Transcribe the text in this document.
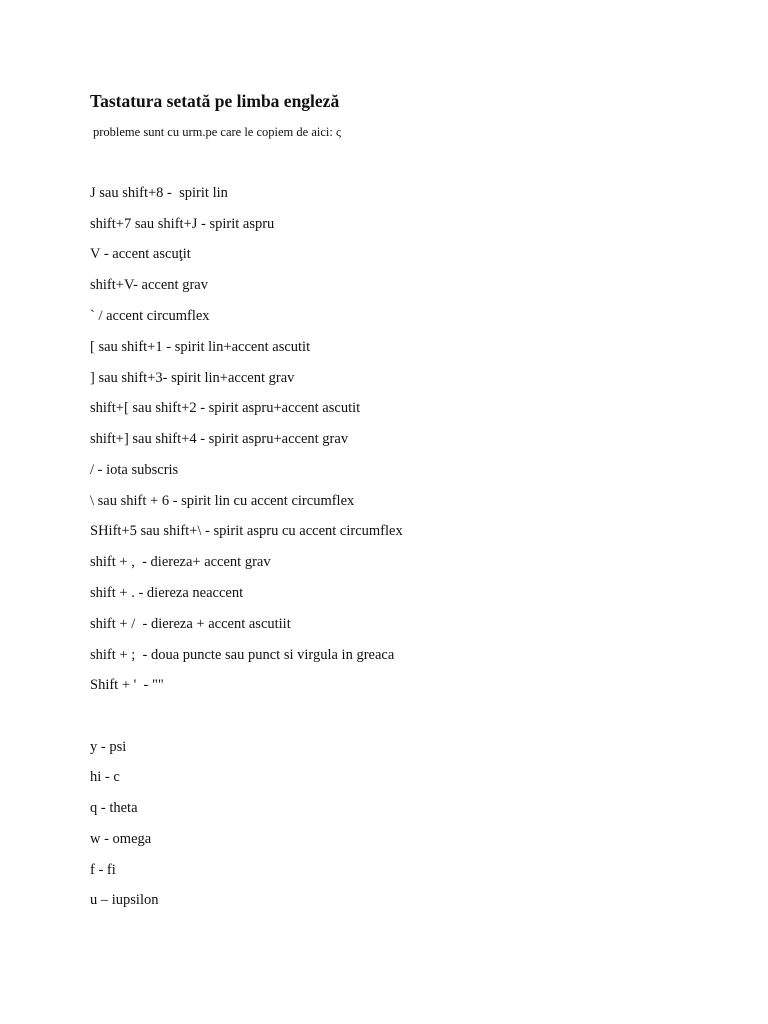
Tastatura setată pe limba engleză
probleme sunt cu urm.pe care le copiem de aici: ς
J sau shift+8 -  spirit lin
shift+7 sau shift+J - spirit aspru
V - accent ascuţit
shift+V- accent grav
` / accent circumflex
[ sau shift+1 - spirit lin+accent ascutit
] sau shift+3- spirit lin+accent grav
shift+[ sau shift+2 - spirit aspru+accent ascutit
shift+] sau shift+4 - spirit aspru+accent grav
/ - iota subscris
\ sau shift + 6 - spirit lin cu accent circumflex
SHift+5 sau shift+\ - spirit aspru cu accent circumflex
shift + ,  - diereza+ accent grav
shift + . - diereza neaccent
shift + /  - diereza + accent ascutiit
shift + ;  - doua puncte sau punct si virgula in greaca
Shift + '  - ""
y - psi
hi - c
q - theta
w - omega
f - fi
u – iupsilon
